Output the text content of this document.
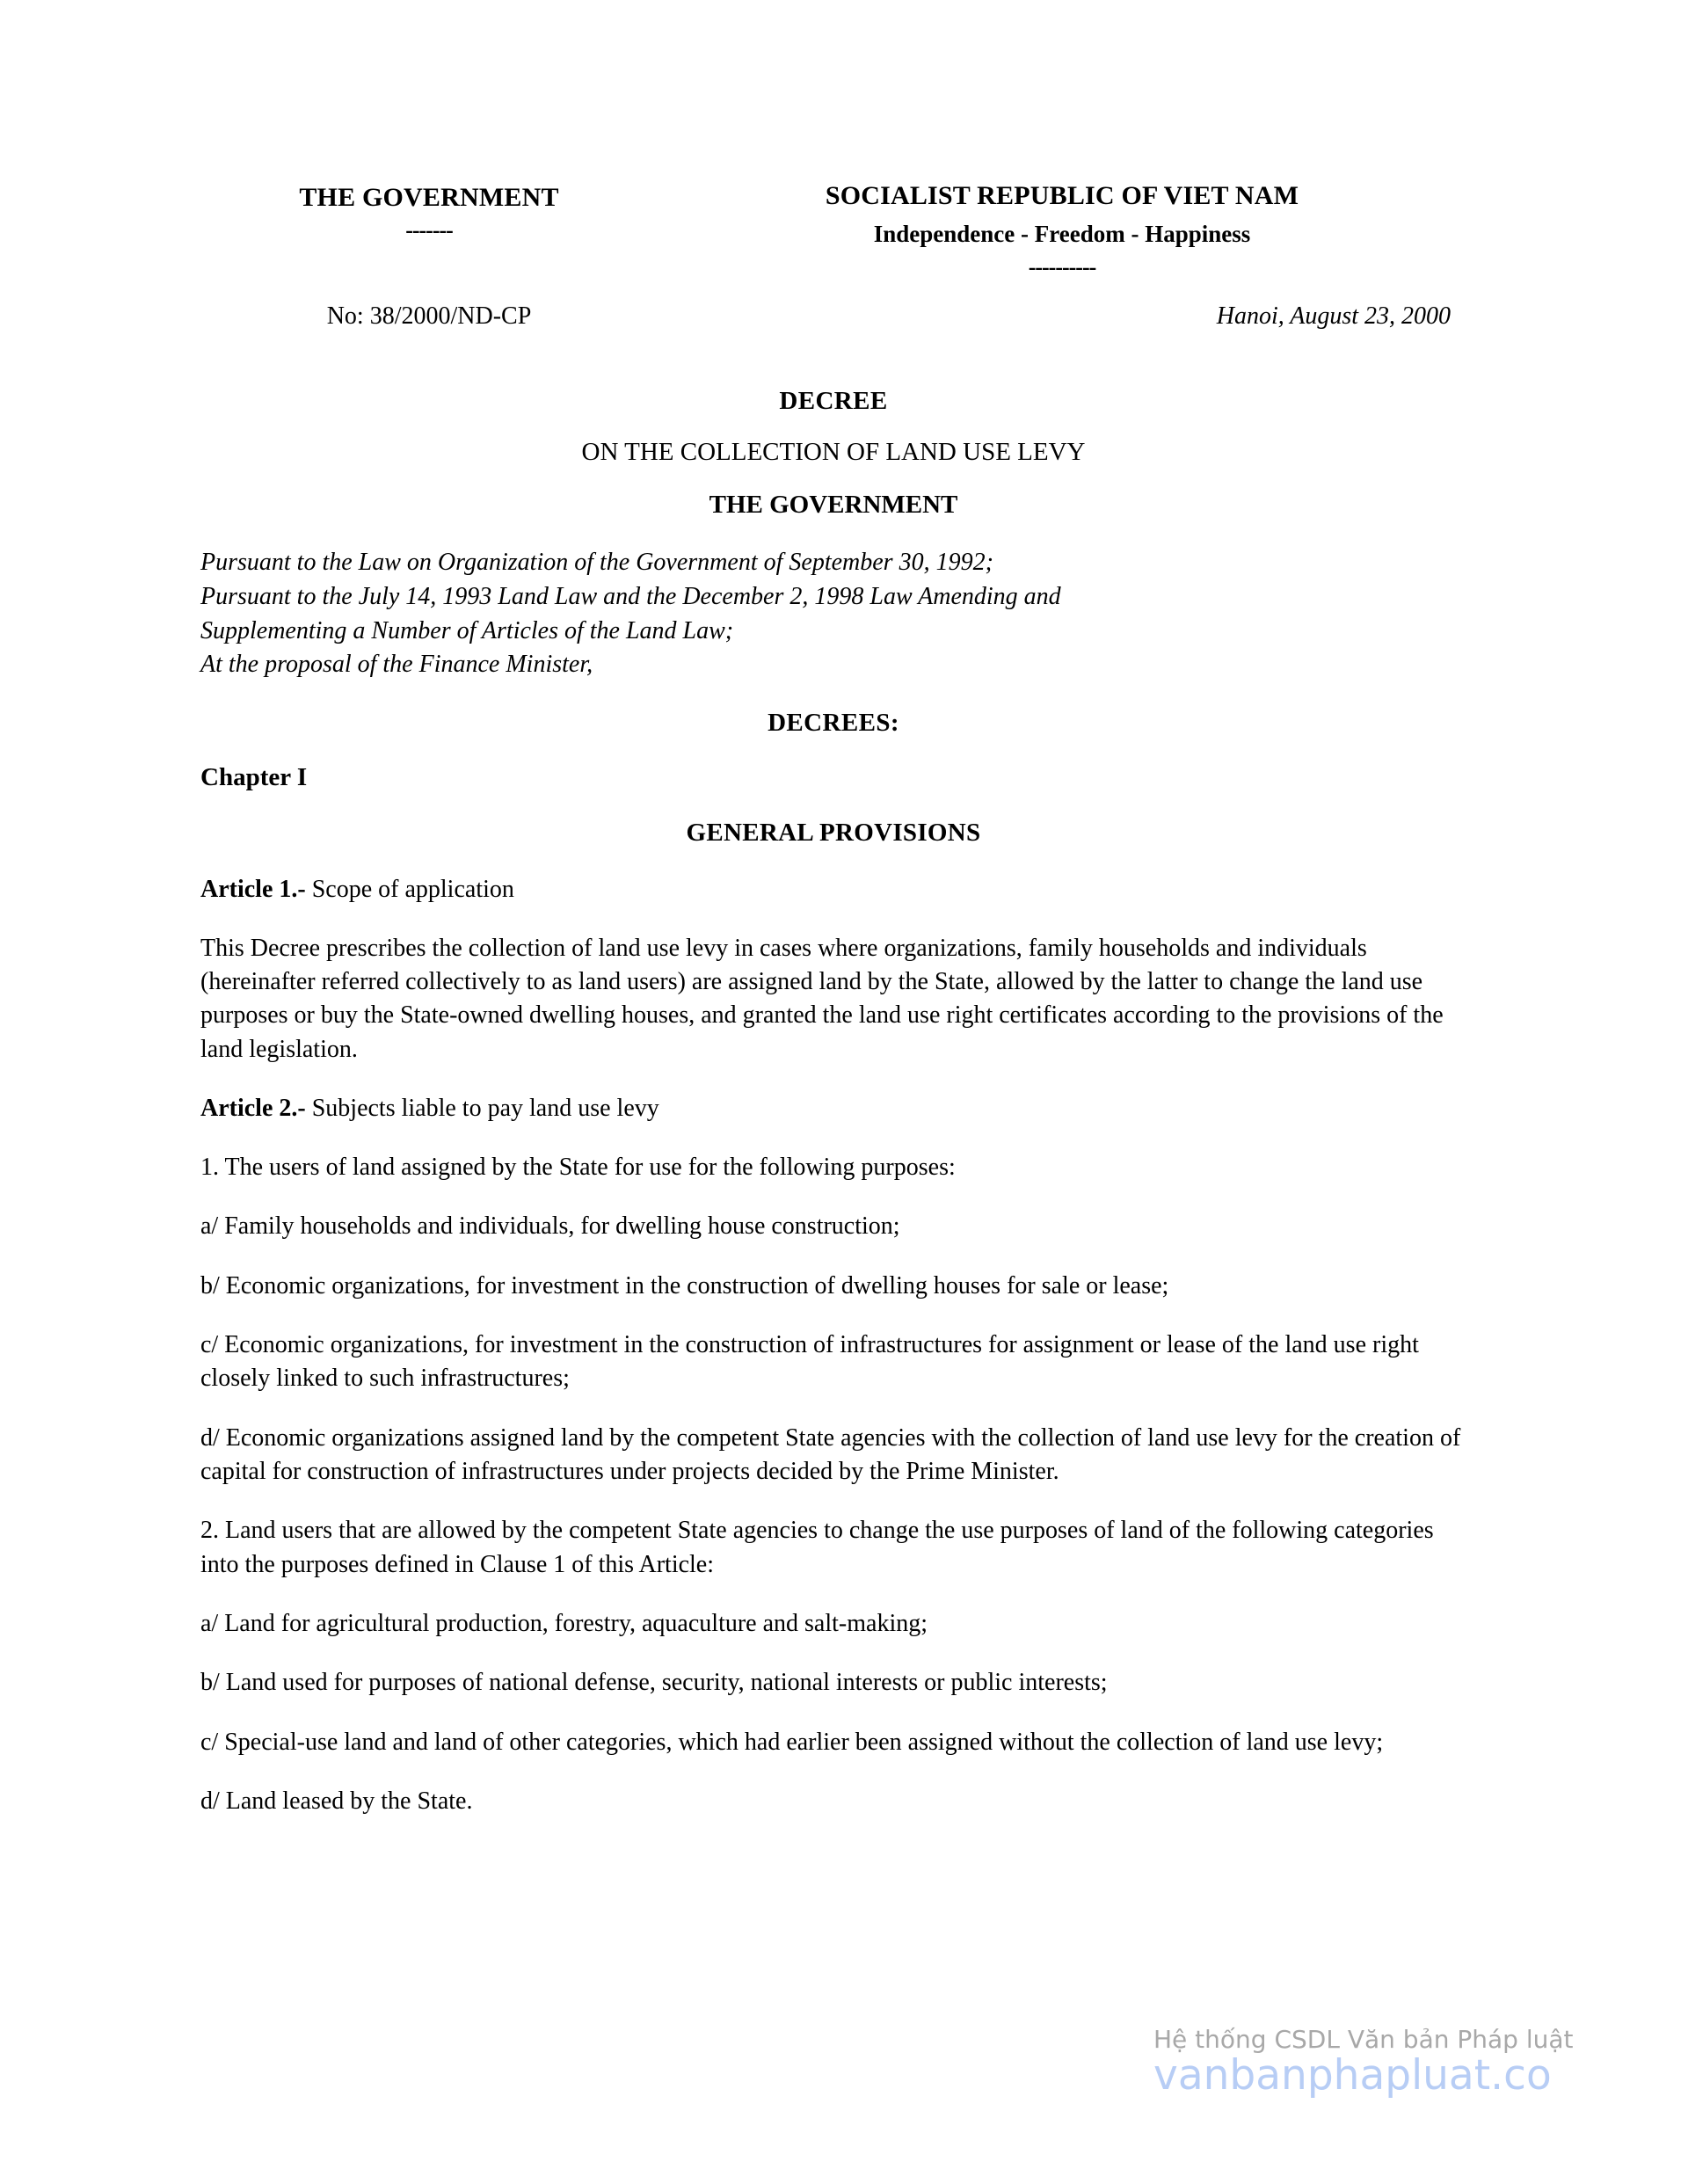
THE GOVERNMENT
-------
SOCIALIST REPUBLIC OF VIET NAM
Independence - Freedom - Happiness
----------
No: 38/2000/ND-CP	Hanoi, August 23, 2000
DECREE
ON THE COLLECTION OF LAND USE LEVY
THE GOVERNMENT
Pursuant to the Law on Organization of the Government of September 30, 1992;
Pursuant to the July 14, 1993 Land Law and the December 2, 1998 Law Amending and
Supplementing a Number of Articles of the Land Law;
At the proposal of the Finance Minister,
DECREES:
Chapter I
GENERAL PROVISIONS
Article 1.- Scope of application

This Decree prescribes the collection of land use levy in cases where organizations, family households and individuals (hereinafter referred collectively to as land users) are assigned land by the State, allowed by the latter to change the land use purposes or buy the State-owned dwelling houses, and granted the land use right certificates according to the provisions of the land legislation.

Article 2.- Subjects liable to pay land use levy

1. The users of land assigned by the State for use for the following purposes:

a/ Family households and individuals, for dwelling house construction;

b/ Economic organizations, for investment in the construction of dwelling houses for sale or lease;

c/ Economic organizations, for investment in the construction of infrastructures for assignment or lease of the land use right closely linked to such infrastructures;

d/ Economic organizations assigned land by the competent State agencies with the collection of land use levy for the creation of capital for construction of infrastructures under projects decided by the Prime Minister.

2. Land users that are allowed by the competent State agencies to change the use purposes of land of the following categories into the purposes defined in Clause 1 of this Article:

a/ Land for agricultural production, forestry, aquaculture and salt-making;

b/ Land used for purposes of national defense, security, national interests or public interests;

c/ Special-use land and land of other categories, which had earlier been assigned without the collection of land use levy;

d/ Land leased by the State.

Hệ thống CSDL Văn bản Pháp luật
vanbanphapluat.co
